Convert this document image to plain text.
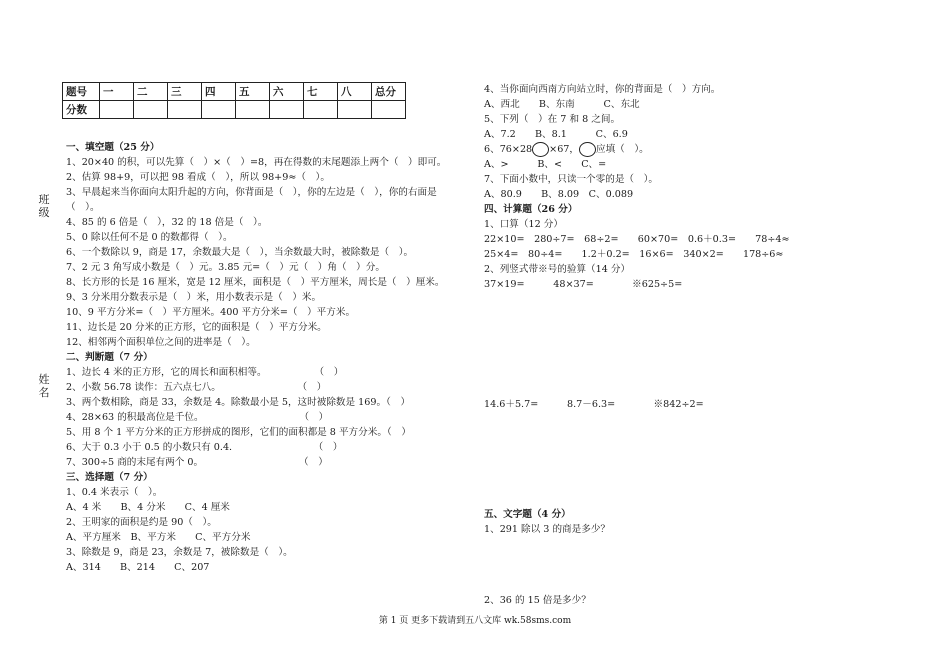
班级
姓名
题号	一	二	三	四	五	六	七	八	总分
分数									
一、填空题（25 分）
1、20×40 的积，可以先算（　）×（　）=8，再在得数的末尾题添上两个（　）即可。
2、估算 98+9，可以把 98 看成（　），所以 98+9≈（　）。
3、早晨起来当你面向太阳升起的方向，你背面是（　），你的左边是（　），你的右面是（　）。
4、85 的 6 倍是（　），32 的 18 倍是（　）。
5、0 除以任何不是 0 的数都得（　）。
6、一个数除以 9，商是 17，余数最大是（　），当余数最大时，被除数是（　）。
7、2 元 3 角写成小数是（　）元。3.85 元=（　）元（　）角（　）分。
8、长方形的长是 16 厘米，宽是 12 厘米，面积是（　）平方厘米，周长是（　）厘米。
9、3 分米用分数表示是（　）米，用小数表示是（　）米。
10、9 平方分米=（　）平方厘米。400 平方分米=（　）平方米。
11、边长是 20 分米的正方形，它的面积是（　）平方分米。
12、相邻两个面积单位之间的进率是（　）。
二、判断题（7 分）
1、边长 4 米的正方形，它的周长和面积相等。　　　　　　（　）
2、小数 56.78 读作：五六点七八。　　　　　　　　　（　）
3、两个数相除，商是 33，余数是 4。除数最小是 5，这时被除数是 169。（　）
4、28×63 的积最高位是千位。　　　　　　　　　　　（　）
5、用 8 个 1 平方分米的正方形拼成的图形，它们的面积都是 8 平方分米。（　）
6、大于 0.3 小于 0.5 的小数只有 0.4.　　　　　　　　　（　）
7、300÷5 商的末尾有两个 0。　　　　　　　　　　　（　）
三、选择题（7 分）
1、0.4 米表示（　）。
A、4 米　　B、4 分米　　C、4 厘米
2、王明家的面积是约是 90（　）。
A、平方厘米　B、平方米　　C、平方分米
3、除数是 9，商是 23，余数是 7，被除数是（　）。
A、314　　B、214　　C、207
4、当你面向西南方向站立时，你的背面是（　）方向。
A、西北　　B、东南　　　C、东北
5、下列（　）在 7 和 8 之间。
A、7.2　　B、8.1　　　C、6.9
6、76×28 ×67， 应填（　）。
A、>　　　B、<　　C、=
7、下面小数中，只读一个零的是（　）。
A、80.9　　B、8.09　C、0.089
四、计算题（26 分）
1、口算（12 分）
22×10=　280÷7=　68÷2=　　60×70=　0.6＋0.3=　　78÷4≈
25×4=　80÷4=　　1.2＋0.2=　16×6=　340×2=　　178÷6≈
2、列竖式带※号的验算（14 分）
37×19=　　　48×37=　　　　※625÷5=
14.6＋5.7=　　　8.7－6.3=　　　　※842÷2=
五、文字题（4 分）
1、291 除以 3 的商是多少？
2、36 的 15 倍是多少？
第 1 页 更多下载请到五八文库 wk.58sms.com
